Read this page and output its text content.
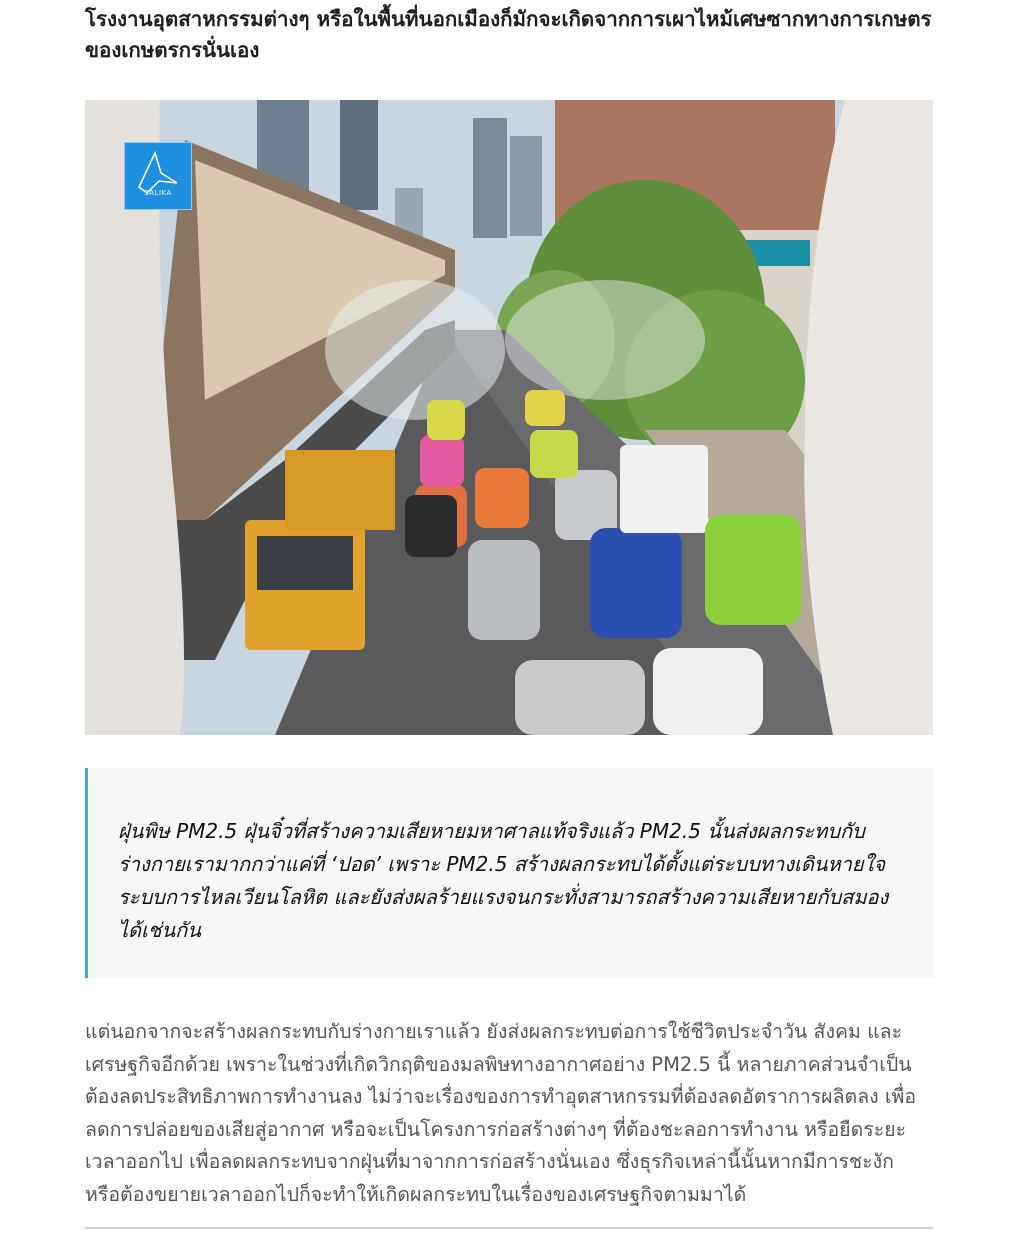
โรงงานอุตสาหกรรมต่างๆ หรือในพื้นที่นอกเมืองก็มักจะเกิดจากการเผาไหม้เศษซากทางการเกษตรของเกษตรกรนั่นเอง

SALIKA

ฝุ่นพิษ PM2.5 ฝุ่นจิ๋วที่สร้างความเสียหายมหาศาลแท้จริงแล้ว PM2.5 นั้นส่งผลกระทบกับร่างกายเรามากกว่าแค่ที่ ‘ปอด’ เพราะ PM2.5 สร้างผลกระทบได้ตั้งแต่ระบบทางเดินหายใจ ระบบการไหลเวียนโลหิต และยังส่งผลร้ายแรงจนกระทั่งสามารถสร้างความเสียหายกับสมองได้เช่นกัน

แต่นอกจากจะสร้างผลกระทบกับร่างกายเราแล้ว ยังส่งผลกระทบต่อการใช้ชีวิตประจำวัน สังคม และเศรษฐกิจอีกด้วย เพราะในช่วงที่เกิดวิกฤติของมลพิษทางอากาศอย่าง PM2.5 นี้ หลายภาคส่วนจำเป็นต้องลดประสิทธิภาพการทำงานลง ไม่ว่าจะเรื่องของการทำอุตสาหกรรมที่ต้องลดอัตราการผลิตลง เพื่อลดการปล่อยของเสียสู่อากาศ หรือจะเป็นโครงการก่อสร้างต่างๆ ที่ต้องชะลอการทำงาน หรือยืดระยะเวลาออกไป เพื่อลดผลกระทบจากฝุ่นที่มาจากการก่อสร้างนั่นเอง ซึ่งธุรกิจเหล่านี้นั้นหากมีการชะงัก หรือต้องขยายเวลาออกไปก็จะทำให้เกิดผลกระทบในเรื่องของเศรษฐกิจตามมาได้
